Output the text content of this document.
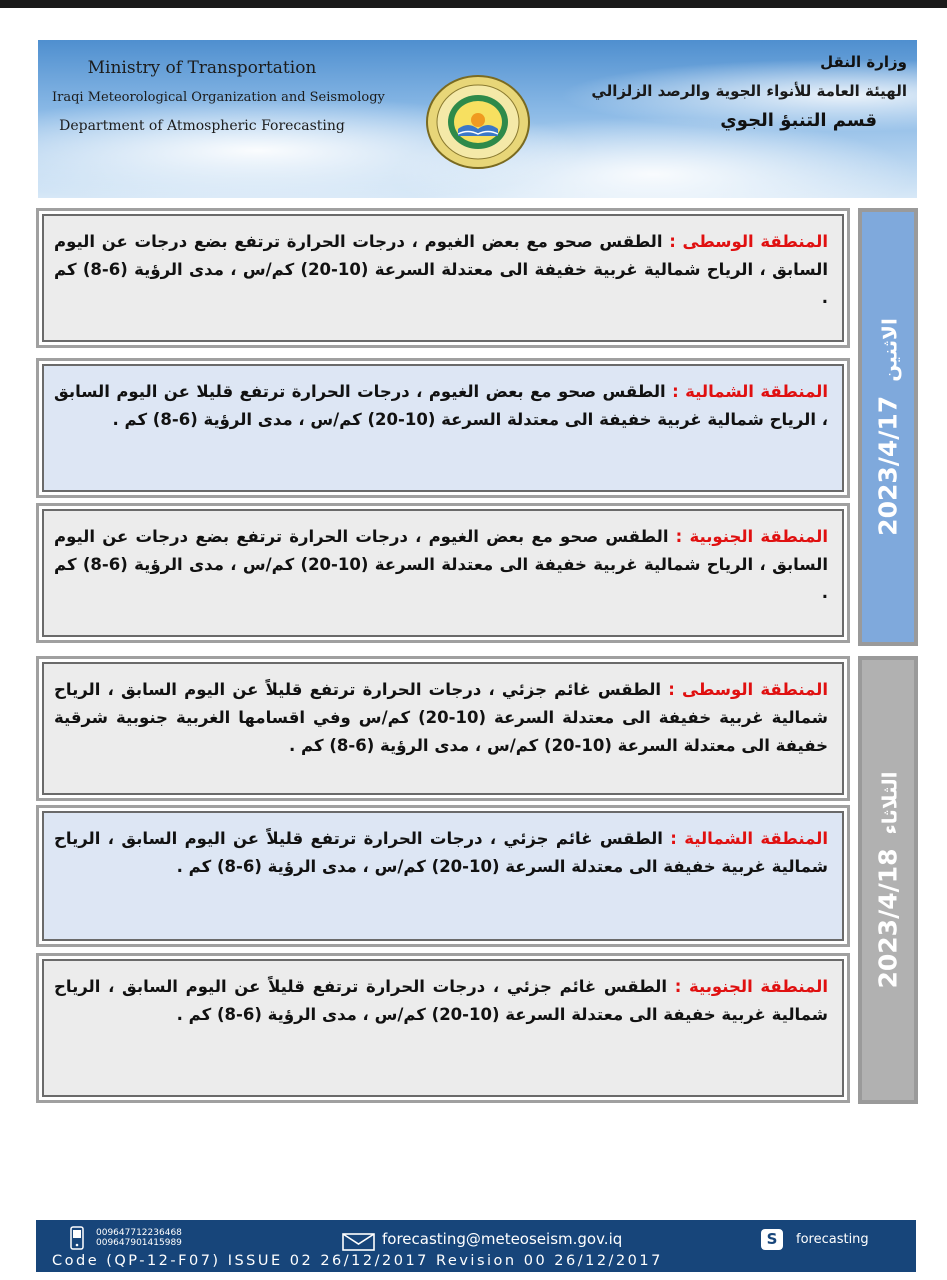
Ministry of Transportation
Iraqi Meteorological Organization and Seismology
Department of Atmospheric Forecasting
وزارة النقل
الهيئة العامة للأنواء الجوية والرصد الزلزالي
قسم التنبؤ الجوي
المنطقة الوسطى : الطقس صحو مع بعض الغيوم ، درجات الحرارة ترتفع بضع درجات عن اليوم السابق ، الرياح شمالية غربية خفيفة الى معتدلة السرعة (10-20) كم/س ، مدى الرؤية (6-8) كم .
المنطقة الشمالية : الطقس صحو مع بعض الغيوم ، درجات الحرارة ترتفع قليلا عن اليوم السابق ، الرياح شمالية غربية خفيفة الى معتدلة السرعة (10-20) كم/س ، مدى الرؤية (6-8) كم .
المنطقة الجنوبية : الطقس صحو مع بعض الغيوم ، درجات الحرارة ترتفع بضع درجات عن اليوم السابق ، الرياح شمالية غربية خفيفة الى معتدلة السرعة (10-20) كم/س ، مدى الرؤية (6-8) كم .
المنطقة الوسطى : الطقس غائم جزئي ، درجات الحرارة ترتفع قليلاً عن اليوم السابق ، الرياح شمالية غربية خفيفة الى معتدلة السرعة (10-20) كم/س وفي اقسامها الغربية جنوبية شرقية خفيفة الى معتدلة السرعة (10-20) كم/س ، مدى الرؤية (6-8) كم .
المنطقة الشمالية : الطقس غائم جزئي ، درجات الحرارة ترتفع قليلاً عن اليوم السابق ، الرياح شمالية غربية خفيفة الى معتدلة السرعة (10-20) كم/س ، مدى الرؤية (6-8) كم .
المنطقة الجنوبية : الطقس غائم جزئي ، درجات الحرارة ترتفع قليلاً عن اليوم السابق ، الرياح شمالية غربية خفيفة الى معتدلة السرعة (10-20) كم/س ، مدى الرؤية (6-8) كم .
2023/4/17الاثنين
2023/4/18الثلاثاء
009647712236468
009647901415989	forecasting@meteoseism.gov.iq	S	forecasting
Code (QP-12-F07) ISSUE 02 26/12/2017 Revision 00 26/12/2017
